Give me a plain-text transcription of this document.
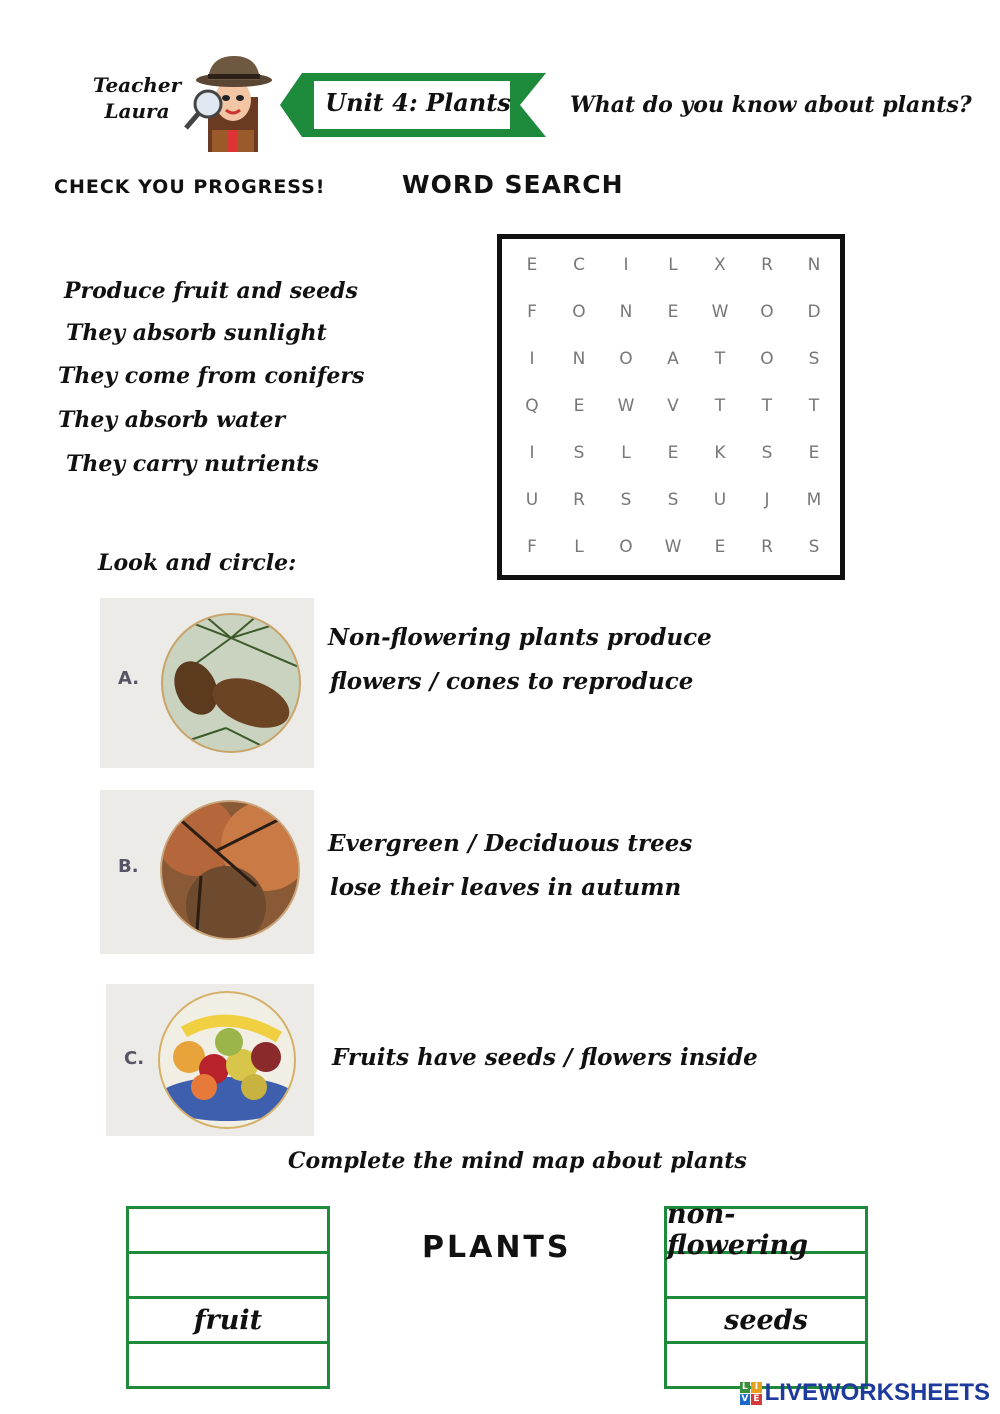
Teacher
Laura	Unit 4: Plants	What do you know about plants?
CHECK YOU PROGRESS!	WORD SEARCH
Produce fruit and seeds
They absorb sunlight
They come from conifers
They absorb water
They carry nutrients
E	C	I	L	X	R	N
F	O	N	E	W	O	D
I	N	O	A	T	O	S
Q	E	W	V	T	T	T
I	S	L	E	K	S	E
U	R	S	S	U	J	M
F	L	O	W	E	R	S
Look and circle:
A.
Non-flowering plants produce
flowers / cones to reproduce
B.
Evergreen / Deciduous trees
lose their leaves in autumn
C.	Fruits have seeds / flowers inside
Complete the mind map about plants
PLANTS
fruit
non-flowering
seeds
L I
V E LIVEWORKSHEETS
